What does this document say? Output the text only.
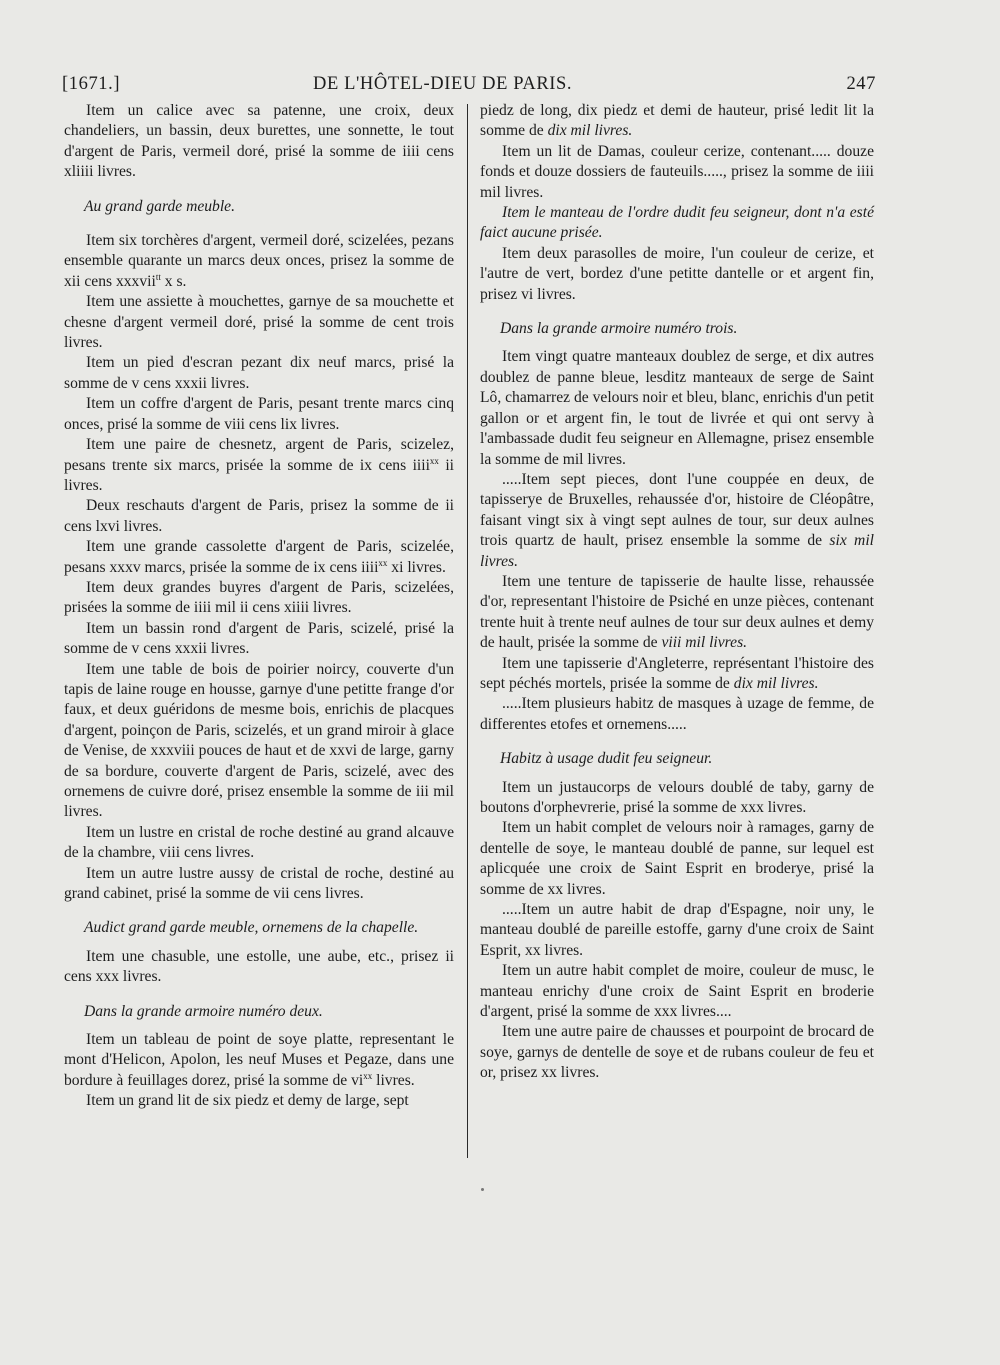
[1671.]	DE L'HÔTEL-DIEU DE PARIS.	247

Item un calice avec sa patenne, une croix, deux chandeliers, un bassin, deux burettes, une sonnette, le tout d'argent de Paris, vermeil doré, prisé la somme de iiii cens xliiii livres.

Au grand garde meuble.

Item six torchères d'argent, vermeil doré, scizelées, pezans ensemble quarante un marcs deux onces, prisez la somme de xii cens xxxvii$^{tt}$ x s.

Item une assiette à mouchettes, garnye de sa mouchette et chesne d'argent vermeil doré, prisé la somme de cent trois livres.

Item un pied d'escran pezant dix neuf marcs, prisé la somme de v cens xxxii livres.

Item un coffre d'argent de Paris, pesant trente marcs cinq onces, prisé la somme de viii cens lix livres.

Item une paire de chesnetz, argent de Paris, scizelez, pesans trente six marcs, prisée la somme de ix cens iiii$^{xx}$ ii livres.

Deux reschauts d'argent de Paris, prisez la somme de ii cens lxvi livres.

Item une grande cassolette d'argent de Paris, scizelée, pesans xxxv marcs, prisée la somme de ix cens iiii$^{xx}$ xi livres.

Item deux grandes buyres d'argent de Paris, scizelées, prisées la somme de iiii mil ii cens xiiii livres.

Item un bassin rond d'argent de Paris, scizelé, prisé la somme de v cens xxxii livres.

Item une table de bois de poirier noircy, couverte d'un tapis de laine rouge en housse, garnye d'une petitte frange d'or faux, et deux guéridons de mesme bois, enrichis de placques d'argent, poinçon de Paris, scizelés, et un grand miroir à glace de Venise, de xxxviii pouces de haut et de xxvi de large, garny de sa bordure, couverte d'argent de Paris, scizelé, avec des ornemens de cuivre doré, prisez ensemble la somme de iii mil livres.

Item un lustre en cristal de roche destiné au grand alcauve de la chambre, viii cens livres.

Item un autre lustre aussy de cristal de roche, destiné au grand cabinet, prisé la somme de vii cens livres.

Audict grand garde meuble, ornemens de la chapelle.

Item une chasuble, une estolle, une aube, etc., prisez ii cens xxx livres.

Dans la grande armoire numéro deux.

Item un tableau de point de soye platte, representant le mont d'Helicon, Apolon, les neuf Muses et Pegaze, dans une bordure à feuillages dorez, prisé la somme de $vi^{xx}$ livres.

Item un grand lit de six piedz et demy de large, sept

piedz de long, dix piedz et demi de hauteur, prisé ledit lit la somme de dix mil livres.

Item un lit de Damas, couleur cerize, contenant..... douze fonds et douze dossiers de fauteuils....., prisez la somme de iiii mil livres.

Item le manteau de l'ordre dudit feu seigneur, dont n'a esté faict aucune prisée.

Item deux parasolles de moire, l'un couleur de cerize, et l'autre de vert, bordez d'une petitte dantelle or et argent fin, prisez vi livres.

Dans la grande armoire numéro trois.

Item vingt quatre manteaux doublez de serge, et dix autres doublez de panne bleue, lesditz manteaux de serge de Saint Lô, chamarrez de velours noir et bleu, blanc, enrichis d'un petit gallon or et argent fin, le tout de livrée et qui ont servy à l'ambassade dudit feu seigneur en Allemagne, prisez ensemble la somme de mil livres.

.....Item sept pieces, dont l'une couppée en deux, de tapisserye de Bruxelles, rehaussée d'or, histoire de Cléopâtre, faisant vingt six à vingt sept aulnes de tour, sur deux aulnes trois quartz de hault, prisez ensemble la somme de six mil livres.

Item une tenture de tapisserie de haulte lisse, rehaussée d'or, representant l'histoire de Psiché en unze pièces, contenant trente huit à trente neuf aulnes de tour sur deux aulnes et demy de hault, prisée la somme de viii mil livres.

Item une tapisserie d'Angleterre, représentant l'histoire des sept péchés mortels, prisée la somme de dix mil livres.

.....Item plusieurs habitz de masques à uzage de femme, de differentes etofes et ornemens.....

Habitz à usage dudit feu seigneur.

Item un justaucorps de velours doublé de taby, garny de boutons d'orphevrerie, prisé la somme de xxx livres.

Item un habit complet de velours noir à ramages, garny de dentelle de soye, le manteau doublé de panne, sur lequel est aplicquée une croix de Saint Esprit en broderye, prisé la somme de xx livres.

.....Item un autre habit de drap d'Espagne, noir uny, le manteau doublé de pareille estoffe, garny d'une croix de Saint Esprit, xx livres.

Item un autre habit complet de moire, couleur de musc, le manteau enrichy d'une croix de Saint Esprit en broderie d'argent, prisé la somme de xxx livres....

Item une autre paire de chausses et pourpoint de brocard de soye, garnys de dentelle de soye et de rubans couleur de feu et or, prisez xx livres.
